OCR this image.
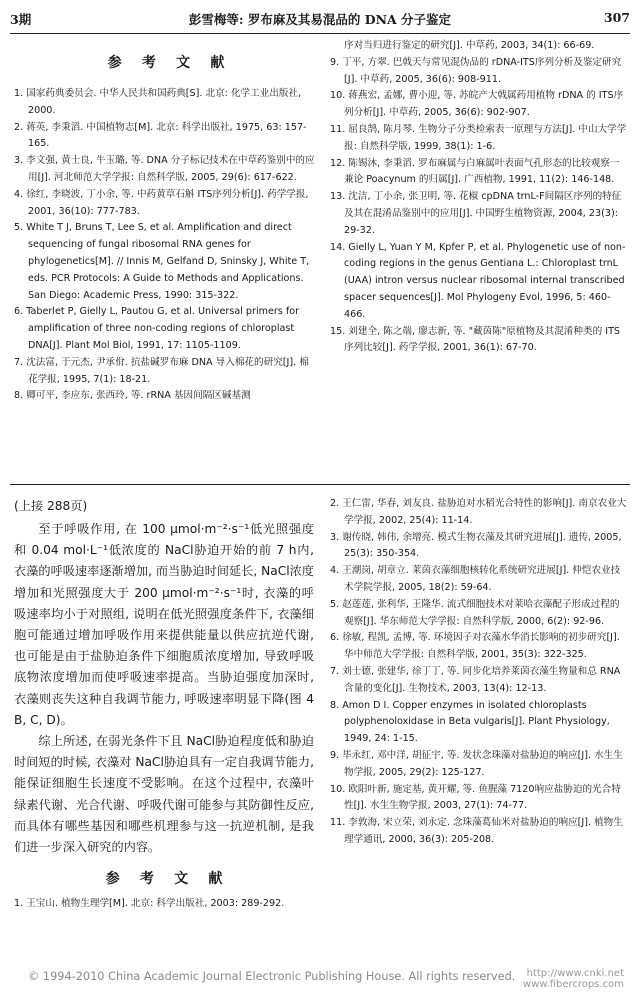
3期	彭雪梅等: 罗布麻及其易混品的 DNA 分子鉴定	307
参 考 文 献

1. 国家药典委员会. 中华人民共和国药典[S]. 北京: 化学工业出版社, 2000.

2. 蒋英, 李秉滔. 中国植物志[M]. 北京: 科学出版社, 1975, 63: 157-165.

3. 李文强, 黄士良, 牛玉璐, 等. DNA 分子标记技术在中草药鉴别中的应用[J]. 河北师范大学学报: 自然科学版, 2005, 29(6): 617-622.

4. 徐红, 李晓波, 丁小余, 等. 中药黄草石斛 ITS序列分析[J]. 药学学报, 2001, 36(10): 777-783.

5. White T J, Bruns T, Lee S, et al. Amplification and direct sequencing of fungal ribosomal RNA genes for phylogenetics[M]. // Innis M, Gelfand D, Sninsky J, White T, eds. PCR Protocols: A Guide to Methods and Applications. San Diego: Academic Press, 1990: 315-322.

6. Taberlet P, Gielly L, Pautou G, et al. Universal primers for amplification of three non-coding regions of chloroplast DNA[J]. Plant Mol Biol, 1991, 17: 1105-1109.

7. 沈法富, 于元杰, 尹承佾. 抗盐碱罗布麻 DNA 导入棉花的研究[J]. 棉花学报, 1995, 7(1): 18-21.

8. 卿可平, 李应东, 张西玲, 等. rRNA 基因间隔区碱基测

序对当归进行鉴定的研究[J]. 中草药, 2003, 34(1): 66-69.

9. 丁平, 方翠. 巴戟天与常见混伪品的 rDNA-ITS序列分析及鉴定研究[J]. 中草药, 2005, 36(6): 908-911.

10. 蒋燕宏, 孟娜, 曹小迎, 等. 苏皖产大戟属药用植物 rDNA 的 ITS序列分析[J]. 中草药, 2005, 36(6): 902-907.

11. 屈良鹄, 陈月琴. 生物分子分类检索表一原理与方法[J]. 中山大学学报: 自然科学版, 1999, 38(1): 1-6.

12. 陈锡沐, 李秉滔. 罗布麻属与白麻属叶表面气孔形态的比较观察一兼论 Poacynum 的归属[J]. 广西植物, 1991, 11(2): 146-148.

13. 沈洁, 丁小余, 张卫明, 等. 花椒 cpDNA trnL-F间隔区序列的特征及其在混淆品鉴别中的应用[J]. 中国野生植物资源, 2004, 23(3): 29-32.

14. Gielly L, Yuan Y M, Kpfer P, et al. Phylogenetic use of non-coding regions in the genus Gentiana L.: Chloroplast trnL (UAA) intron versus nuclear ribosomal internal transcribed spacer sequences[J]. Mol Phylogeny Evol, 1996, 5: 460-466.

15. 刘建全, 陈之端, 廖志新, 等. "藏茵陈"原植物及其混淆种类的 ITS序列比较[J]. 药学学报, 2001, 36(1): 67-70.

(上接 288页)

至于呼吸作用, 在 100 μmol·m⁻²·s⁻¹低光照强度和 0.04 mol·L⁻¹低浓度的 NaCl胁迫开始的前 7 h内, 衣藻的呼吸速率逐渐增加, 而当胁迫时间延长, NaCl浓度增加和光照强度大于 200 μmol·m⁻²·s⁻¹时, 衣藻的呼吸速率均小于对照组, 说明在低光照强度条件下, 衣藻细胞可能通过增加呼吸作用来提供能量以供应抗逆代谢, 也可能是由于盐胁迫条件下细胞质浓度增加, 导致呼吸底物浓度增加而使呼吸速率提高。当胁迫强度加深时, 衣藻则丧失这种自我调节能力, 呼吸速率明显下降(图 4 B, C, D)。

综上所述, 在弱光条件下且 NaCl胁迫程度低和胁迫时间短的时候, 衣藻对 NaCl胁迫具有一定自我调节能力, 能保证细胞生长速度不受影响。在这个过程中, 衣藻叶绿素代谢、光合代谢、呼吸代谢可能参与其防御性反应, 而具体有哪些基因和哪些机理参与这一抗逆机制, 是我们进一步深入研究的内容。

参 考 文 献

1. 王宝山. 植物生理学[M]. 北京: 科学出版社, 2003: 289-292.

2. 王仁雷, 华春, 刘友良. 盐胁迫对水稻光合特性的影响[J]. 南京农业大学学报, 2002, 25(4): 11-14.

3. 谢传晓, 韩伟, 余增亮. 模式生物衣藻及其研究进展[J]. 遗传, 2005, 25(3): 350-354.

4. 王潮岗, 胡章立. 莱茵衣藻细胞核转化系统研究进展[J]. 仲恺农业技术学院学报, 2005, 18(2): 59-64.

5. 赵莲莲, 张利华, 王隆华. 流式细胞技术对莱哈衣藻配子形成过程的观察[J]. 华东师范大学学报: 自然科学版, 2000, 6(2): 92-96.

6. 徐敏, 程凯, 孟博, 等. 环境因子对衣藻水华消长影响的初步研究[J]. 华中师范大学学报: 自然科学版, 2001, 35(3): 322-325.

7. 刘士德, 张建华, 徐丁丁, 等. 同步化培养莱茵衣藻生物量和总 RNA含量的变化[J]. 生物技术, 2003, 13(4): 12-13.

8. Amon D I. Copper enzymes in isolated chloroplasts polyphenoloxidase in Beta vulgaris[J]. Plant Physiology, 1949, 24: 1-15.

9. 毕永红, 邓中洋, 胡征宇, 等. 发状念珠藻对盐胁迫的响应[J]. 水生生物学报, 2005, 29(2): 125-127.

10. 欧阳叶新, 施定基, 黄开耀, 等. 鱼腥藻 7120响应盐胁迫的光合特性[J]. 水生生物学报, 2003, 27(1): 74-77.

11. 李敦海, 宋立荣, 刘永定. 念珠藻葛仙米对盐胁迫的响应[J]. 植物生理学通讯, 2000, 36(3): 205-208.

© 1994-2010 China Academic Journal Electronic Publishing House. All rights reserved.	http://www.cnki.net
www.fibercrops.com
